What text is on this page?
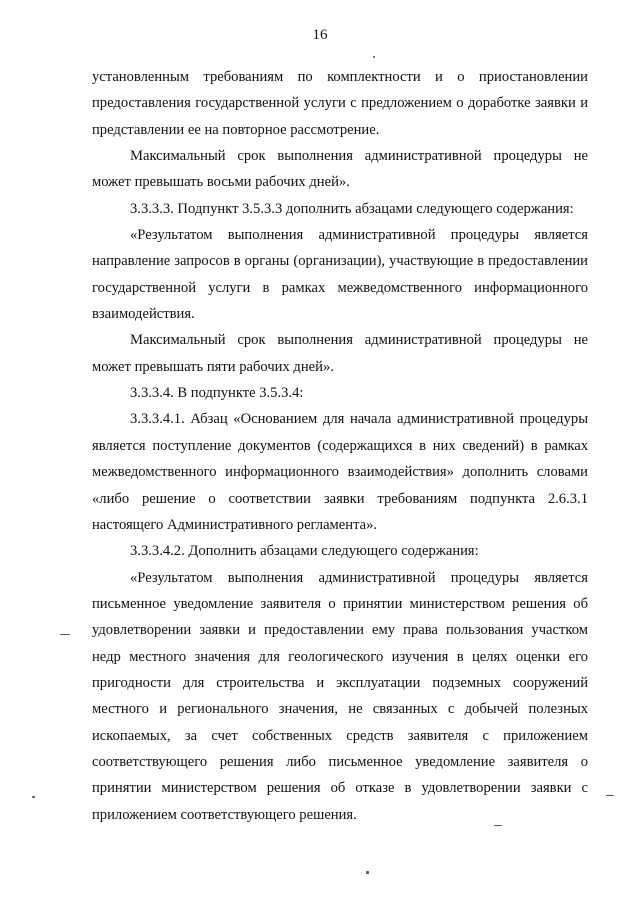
16

установленным требованиям по комплектности и о приостановлении предоставления государственной услуги с предложением о доработке заявки и представлении ее на повторное рассмотрение.

Максимальный срок выполнения административной процедуры не может превышать восьми рабочих дней».

3.3.3.3. Подпункт 3.5.3.3 дополнить абзацами следующего содержания:

«Результатом выполнения административной процедуры является направление запросов в органы (организации), участвующие в предоставлении государственной услуги в рамках межведомственного информационного взаимодействия.

Максимальный срок выполнения административной процедуры не может превышать пяти рабочих дней».

3.3.3.4. В подпункте 3.5.3.4:

3.3.3.4.1. Абзац «Основанием для начала административной процедуры является поступление документов (содержащихся в них сведений) в рамках межведомственного информационного взаимодействия» дополнить словами «либо решение о соответствии заявки требованиям подпункта 2.6.3.1 настоящего Административного регламента».

3.3.3.4.2. Дополнить абзацами следующего содержания:

«Результатом выполнения административной процедуры является письменное уведомление заявителя о принятии министерством решения об удовлетворении заявки и предоставлении ему права пользования участком недр местного значения для геологического изучения в целях оценки его пригодности для строительства и эксплуатации подземных сооружений местного и регионального значения, не связанных с добычей полезных ископаемых, за счет собственных средств заявителя с приложением соответствующего решения либо письменное уведомление заявителя о принятии министерством решения об отказе в удовлетворении заявки с приложением соответствующего решения.
